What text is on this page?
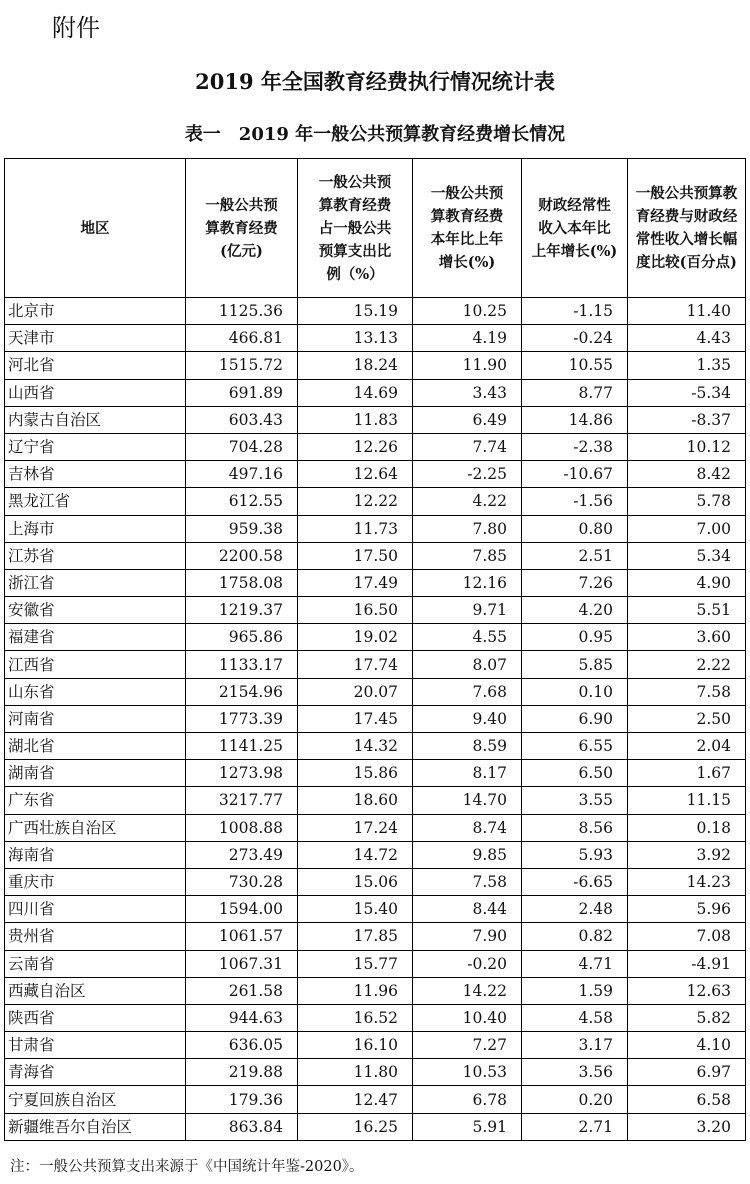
附件
2019 年全国教育经费执行情况统计表
表一　2019 年一般公共预算教育经费增长情况
地区	一般公共预算教育经费(亿元)	一般公共预算教育经费占一般公共预算支出比例（%）	一般公共预算教育经费本年比上年增长(%)	财政经常性收入本年比上年增长(%)	一般公共预算教育经费与财政经常性收入增长幅度比较(百分点)
北京市	1125.36	15.19	10.25	-1.15	11.40
天津市	466.81	13.13	4.19	-0.24	4.43
河北省	1515.72	18.24	11.90	10.55	1.35
山西省	691.89	14.69	3.43	8.77	-5.34
内蒙古自治区	603.43	11.83	6.49	14.86	-8.37
辽宁省	704.28	12.26	7.74	-2.38	10.12
吉林省	497.16	12.64	-2.25	-10.67	8.42
黑龙江省	612.55	12.22	4.22	-1.56	5.78
上海市	959.38	11.73	7.80	0.80	7.00
江苏省	2200.58	17.50	7.85	2.51	5.34
浙江省	1758.08	17.49	12.16	7.26	4.90
安徽省	1219.37	16.50	9.71	4.20	5.51
福建省	965.86	19.02	4.55	0.95	3.60
江西省	1133.17	17.74	8.07	5.85	2.22
山东省	2154.96	20.07	7.68	0.10	7.58
河南省	1773.39	17.45	9.40	6.90	2.50
湖北省	1141.25	14.32	8.59	6.55	2.04
湖南省	1273.98	15.86	8.17	6.50	1.67
广东省	3217.77	18.60	14.70	3.55	11.15
广西壮族自治区	1008.88	17.24	8.74	8.56	0.18
海南省	273.49	14.72	9.85	5.93	3.92
重庆市	730.28	15.06	7.58	-6.65	14.23
四川省	1594.00	15.40	8.44	2.48	5.96
贵州省	1061.57	17.85	7.90	0.82	7.08
云南省	1067.31	15.77	-0.20	4.71	-4.91
西藏自治区	261.58	11.96	14.22	1.59	12.63
陕西省	944.63	16.52	10.40	4.58	5.82
甘肃省	636.05	16.10	7.27	3.17	4.10
青海省	219.88	11.80	10.53	3.56	6.97
宁夏回族自治区	179.36	12.47	6.78	0.20	6.58
新疆维吾尔自治区	863.84	16.25	5.91	2.71	3.20
注：一般公共预算支出来源于《中国统计年鉴-2020》。
